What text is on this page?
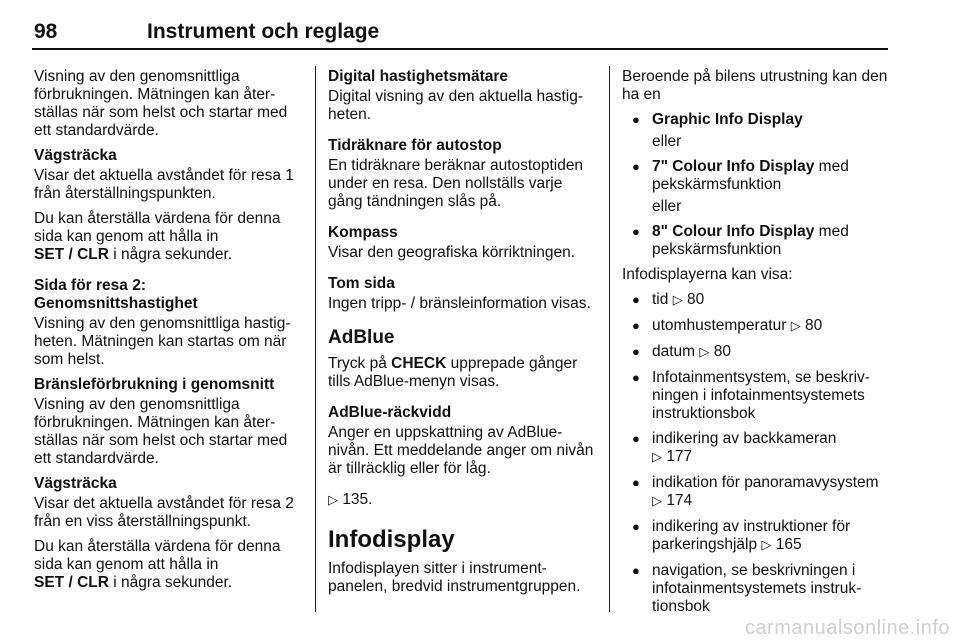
98	Instrument och reglage

Visning av den genomsnittliga förbrukningen. Mätningen kan återställas när som helst och startar med ett standardvärde.

Vägsträcka

Visar det aktuella avståndet för resa 1 från återställningspunkten.

Du kan återställa värdena för denna sida kan genom att hålla in
SET / CLR i några sekunder.

Sida för resa 2:

Genomsnittshastighet

Visning av den genomsnittliga hastigheten. Mätningen kan startas om när som helst.

Bränsleförbrukning i genomsnitt

Visning av den genomsnittliga förbrukningen. Mätningen kan återställas när som helst och startar med ett standardvärde.

Vägsträcka

Visar det aktuella avståndet för resa 2 från en viss återställningspunkt.

Du kan återställa värdena för denna sida kan genom att hålla in
SET / CLR i några sekunder.

Digital hastighetsmätare

Digital visning av den aktuella hastigheten.

Tidräknare för autostop

En tidräknare beräknar autostoptiden under en resa. Den nollställs varje gång tändningen slås på.

Kompass

Visar den geografiska körriktningen.

Tom sida

Ingen tripp- / bränsleinformation visas.

AdBlue

Tryck på CHECK upprepade gånger tills AdBlue-menyn visas.

AdBlue-räckvidd

Anger en uppskattning av AdBlue-nivån. Ett meddelande anger om nivån är tillräcklig eller för låg.

▷ 135.

Infodisplay

Infodisplayen sitter i instrumentpanelen, bredvid instrumentgruppen.

Beroende på bilens utrustning kan den ha en

● Graphic Info Display

eller

● 7" Colour Info Display med pekskärmsfunktion

eller

● 8" Colour Info Display med pekskärmsfunktion

Infodisplayerna kan visa:

● tid ▷ 80
● utomhustemperatur ▷ 80
● datum ▷ 80
● Infotainmentsystem, se beskrivningen i infotainmentsystemets instruktionsbok
● indikering av backkameran
▷ 177
● indikation för panoramavysystem
▷ 174
● indikering av instruktioner för parkeringshjälp ▷ 165
● navigation, se beskrivningen i infotainmentsystemets instruktionsbok
carmanualsonline.info
